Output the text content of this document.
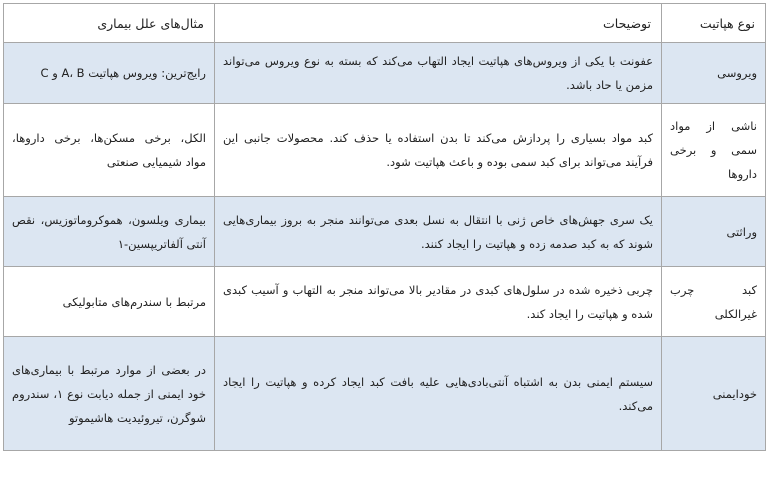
نوع هپاتیت	توضیحات	مثال‌های علل بیماری
ویروسی	عفونت با یکی از ویروس‌های هپاتیت ایجاد التهاب می‌کند که بسته به نوع ویروس می‌تواند مزمن یا حاد باشد.	رایج‌ترین: ویروس هپاتیت A، B و C
ناشی از مواد سمی و برخی داروها	کبد مواد بسیاری را پردازش می‌کند تا بدن استفاده یا حذف کند. محصولات جانبی این فرآیند می‌تواند برای کبد سمی بوده و باعث هپاتیت شود.	الکل، برخی مسکن‌ها، برخی داروها، مواد شیمیایی صنعتی
وراثتی	یک سری جهش‌های خاص ژنی با انتقال به نسل بعدی می‌توانند منجر به بروز بیماری‌هایی شوند که به کبد صدمه زده و هپاتیت را ایجاد کنند.	بیماری ویلسون، هموکروماتوزیس، نقص آنتی آلفاتریپسین-۱
کبد چرب غیرالکلی	چربی ذخیره شده در سلول‌های کبدی در مقادیر بالا می‌تواند منجر به التهاب و آسیب کبدی شده و هپاتیت را ایجاد کند.	مرتبط با سندرم‌های متابولیکی
خودایمنی	سیستم ایمنی بدن به اشتباه آنتی‌بادی‌هایی علیه بافت کبد ایجاد کرده و هپاتیت را ایجاد می‌کند.	در بعضی از موارد مرتبط با بیماری‌های خود ایمنی از جمله دیابت نوع ۱، سندروم شوگرن، تیروئیدیت هاشیموتو
